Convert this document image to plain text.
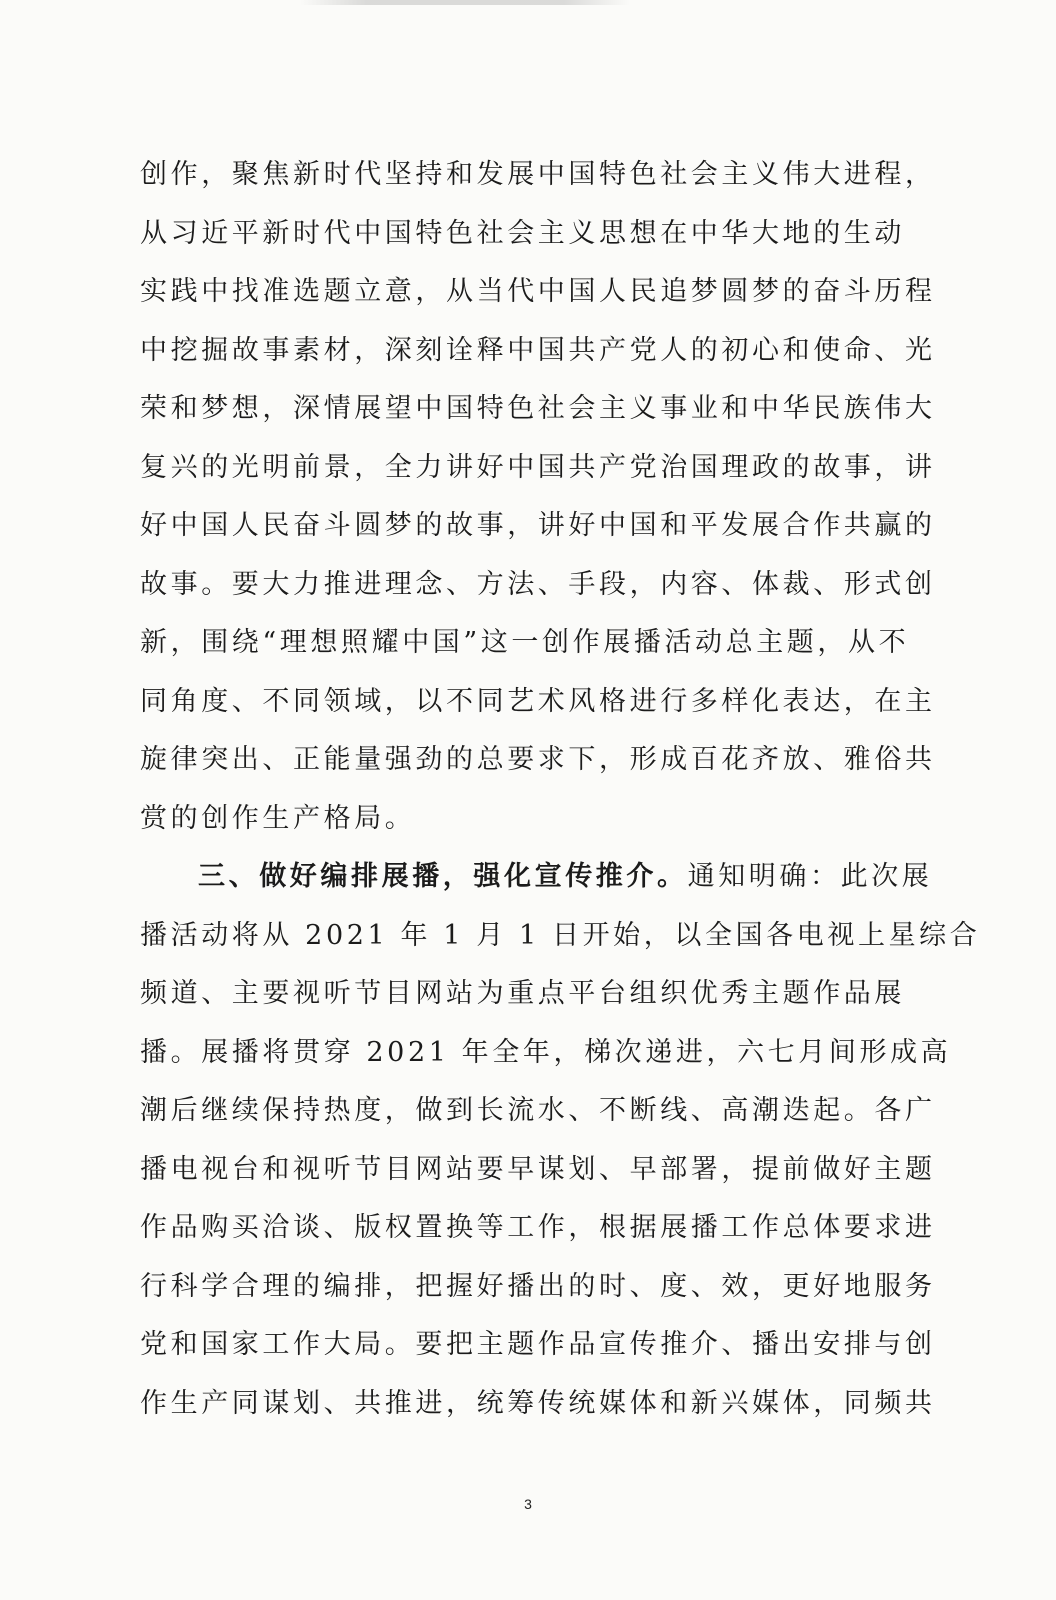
创作，聚焦新时代坚持和发展中国特色社会主义伟大进程，
从习近平新时代中国特色社会主义思想在中华大地的生动
实践中找准选题立意，从当代中国人民追梦圆梦的奋斗历程
中挖掘故事素材，深刻诠释中国共产党人的初心和使命、光
荣和梦想，深情展望中国特色社会主义事业和中华民族伟大
复兴的光明前景，全力讲好中国共产党治国理政的故事，讲
好中国人民奋斗圆梦的故事，讲好中国和平发展合作共赢的
故事。要大力推进理念、方法、手段，内容、体裁、形式创
新，围绕“理想照耀中国”这一创作展播活动总主题，从不
同角度、不同领域，以不同艺术风格进行多样化表达，在主
旋律突出、正能量强劲的总要求下，形成百花齐放、雅俗共
赏的创作生产格局。
三、做好编排展播，强化宣传推介。通知明确：此次展
播活动将从 2021 年 1 月 1 日开始，以全国各电视上星综合
频道、主要视听节目网站为重点平台组织优秀主题作品展
播。展播将贯穿 2021 年全年，梯次递进，六七月间形成高
潮后继续保持热度，做到长流水、不断线、高潮迭起。各广
播电视台和视听节目网站要早谋划、早部署，提前做好主题
作品购买洽谈、版权置换等工作，根据展播工作总体要求进
行科学合理的编排，把握好播出的时、度、效，更好地服务
党和国家工作大局。要把主题作品宣传推介、播出安排与创
作生产同谋划、共推进，统筹传统媒体和新兴媒体，同频共
3
